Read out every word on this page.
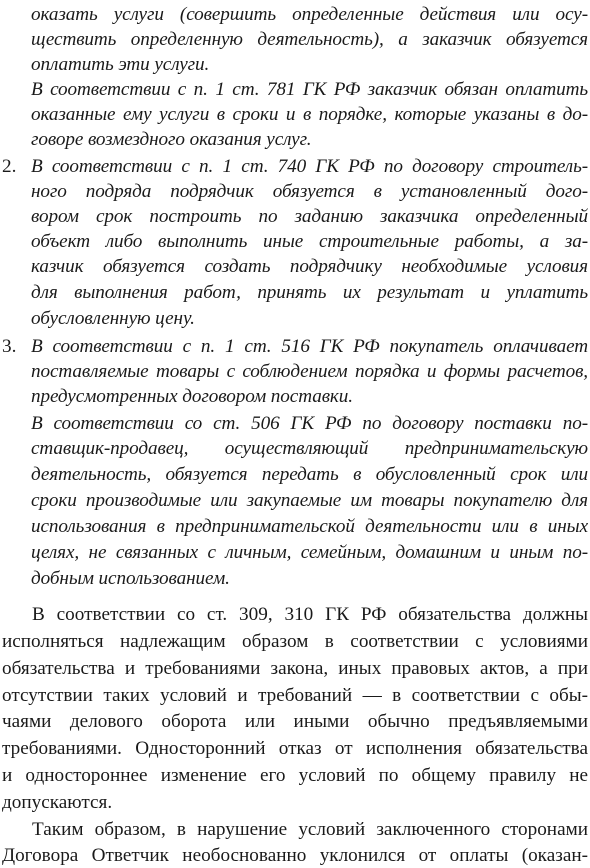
оказать услуги (совершить определенные действия или осу-
ществить определенную деятельность), а заказчик обязуется
оплатить эти услуги.
В соответствии с п. 1 ст. 781 ГК РФ заказчик обязан оплатить
оказанные ему услуги в сроки и в порядке, которые указаны в до-
говоре возмездного оказания услуг.
2. В соответствии с п. 1 ст. 740 ГК РФ по договору строитель-
ного подряда подрядчик обязуется в установленный дого-
вором срок построить по заданию заказчика определенный
объект либо выполнить иные строительные работы, а за-
казчик обязуется создать подрядчику необходимые условия
для выполнения работ, принять их результат и уплатить
обусловленную цену.
3. В соответствии с п. 1 ст. 516 ГК РФ покупатель оплачивает
поставляемые товары с соблюдением порядка и формы расчетов,
предусмотренных договором поставки.
В соответствии со ст. 506 ГК РФ по договору поставки по-
ставщик-продавец, осуществляющий предпринимательскую
деятельность, обязуется передать в обусловленный срок или
сроки производимые или закупаемые им товары покупателю для
использования в предпринимательской деятельности или в иных
целях, не связанных с личным, семейным, домашним и иным по-
добным использованием.
В соответствии со ст. 309, 310 ГК РФ обязательства должны
исполняться надлежащим образом в соответствии с условиями
обязательства и требованиями закона, иных правовых актов, а при
отсутствии таких условий и требований — в соответствии с обы-
чаями делового оборота или иными обычно предъявляемыми
требованиями. Односторонний отказ от исполнения обязательства
и одностороннее изменение его условий по общему правилу не
допускаются.
Таким образом, в нарушение условий заключенного сторонами
Договора Ответчик необоснованно уклонился от оплаты (оказан-
